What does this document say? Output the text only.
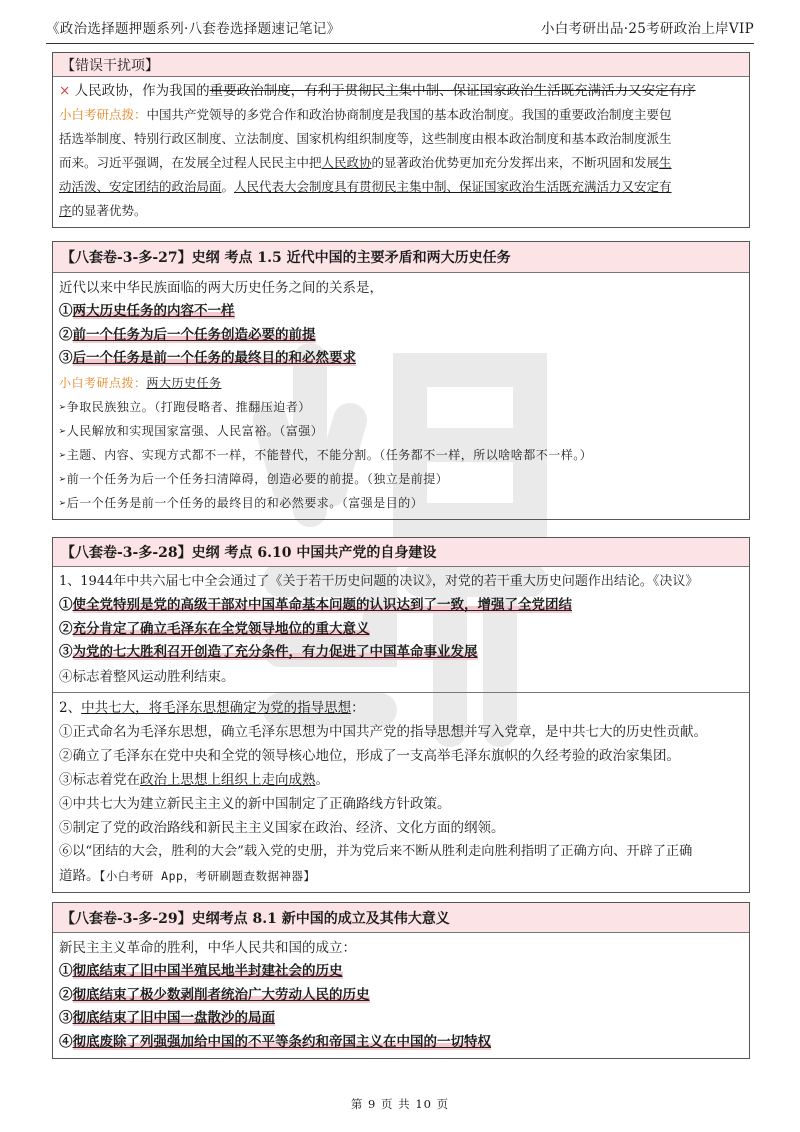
《政治选择题押题系列·八套卷选择题速记笔记》	小白考研出品·25考研政治上岸VIP
【错误干扰项】
× 人民政协，作为我国的重要政治制度，有利于贯彻民主集中制、保证国家政治生活既充满活力又安定有序
小白考研点拨：中国共产党领导的多党合作和政治协商制度是我国的基本政治制度。我国的重要政治制度主要包
括选举制度、特别行政区制度、立法制度、国家机构组织制度等，这些制度由根本政治制度和基本政治制度派生
而来。习近平强调，在发展全过程人民民主中把人民政协的显著政治优势更加充分发挥出来，不断巩固和发展生
动活泼、安定团结的政治局面。人民代表大会制度具有贯彻民主集中制、保证国家政治生活既充满活力又安定有
序的显著优势。
【八套卷-3-多-27】史纲 考点 1.5 近代中国的主要矛盾和两大历史任务
近代以来中华民族面临的两大历史任务之间的关系是，
①两大历史任务的内容不一样
②前一个任务为后一个任务创造必要的前提
③后一个任务是前一个任务的最终目的和必然要求
小白考研点拨：两大历史任务
➢争取民族独立。（打跑侵略者、推翻压迫者）
➢人民解放和实现国家富强、人民富裕。（富强）
➢主题、内容、实现方式都不一样，不能替代，不能分割。（任务都不一样，所以啥啥都不一样。）
➢前一个任务为后一个任务扫清障碍，创造必要的前提。（独立是前提）
➢后一个任务是前一个任务的最终目的和必然要求。（富强是目的）
【八套卷-3-多-28】史纲 考点 6.10 中国共产党的自身建设
1、1944年中共六届七中全会通过了《关于若干历史问题的决议》，对党的若干重大历史问题作出结论。《决议》
①使全党特别是党的高级干部对中国革命基本问题的认识达到了一致，增强了全党团结
②充分肯定了确立毛泽东在全党领导地位的重大意义
③为党的七大胜利召开创造了充分条件，有力促进了中国革命事业发展
④标志着整风运动胜利结束。
2、中共七大，将毛泽东思想确定为党的指导思想：
①正式命名为毛泽东思想，确立毛泽东思想为中国共产党的指导思想并写入党章，是中共七大的历史性贡献。
②确立了毛泽东在党中央和全党的领导核心地位，形成了一支高举毛泽东旗帜的久经考验的政治家集团。
③标志着党在政治上思想上组织上走向成熟。
④中共七大为建立新民主主义的新中国制定了正确路线方针政策。
⑤制定了党的政治路线和新民主主义国家在政治、经济、文化方面的纲领。
⑥以“团结的大会，胜利的大会”载入党的史册，并为党后来不断从胜利走向胜利指明了正确方向、开辟了正确
道路。【小白考研 App，考研刷题查数据神器】
【八套卷-3-多-29】史纲考点 8.1 新中国的成立及其伟大意义
新民主主义革命的胜利，中华人民共和国的成立：
①彻底结束了旧中国半殖民地半封建社会的历史
②彻底结束了极少数剥削者统治广大劳动人民的历史
③彻底结束了旧中国一盘散沙的局面
④彻底废除了列强强加给中国的不平等条约和帝国主义在中国的一切特权
第 9 页 共 10 页
